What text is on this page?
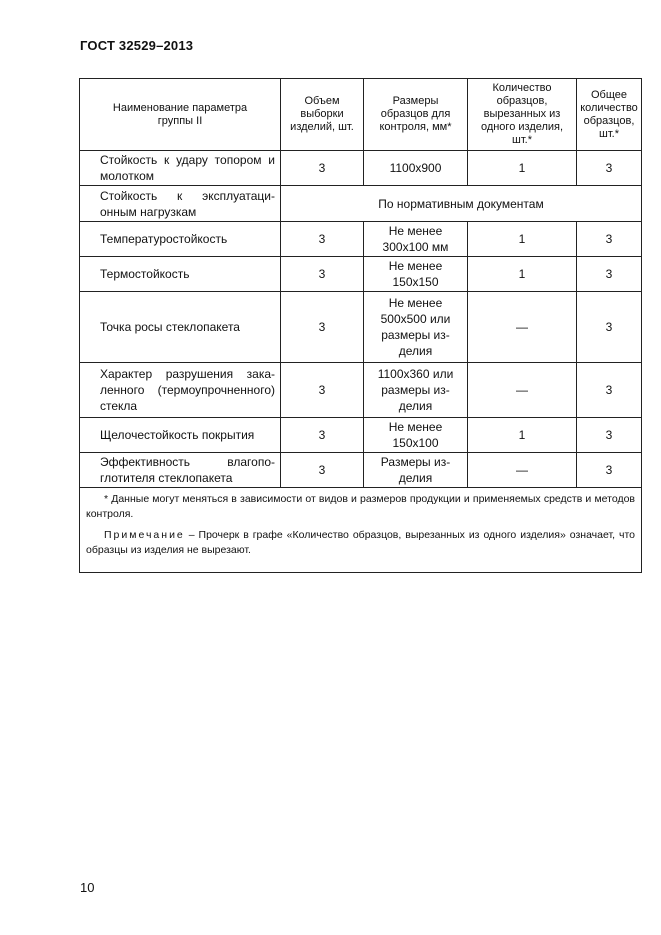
ГОСТ 32529–2013
Наименование параметра группы II	Объем выборки изделий, шт.	Размеры образцов для контроля, мм*	Количество образцов, вырезанных из одного изделия, шт.*	Общее количество образцов, шт.*
Стойкость к удару топором и молотком	3	1100x900	1	3
Стойкость к эксплуатаци-онным нагрузкам	По нормативным документам			
Температуростойкость	3	Не менее 300x100 мм	1	3
Термостойкость	3	Не менее 150x150	1	3
Точка росы стеклопакета	3	Не менее 500x500 или размеры из-делия	—	3
Характер разрушения зака-ленного (термоупрочненного) стекла	3	1100x360 или размеры из-делия	—	3
Щелочестойкость покрытия	3	Не менее 150x100	1	3
Эффективность влагопо-глотителя стеклопакета	3	Размеры из-делия	—	3

* Данные могут меняться в зависимости от видов и размеров продукции и применяемых средств и методов контроля.

Примечание – Прочерк в графе «Количество образцов, вырезанных из одного изделия» означает, что образцы из изделия не вырезают.				

10
